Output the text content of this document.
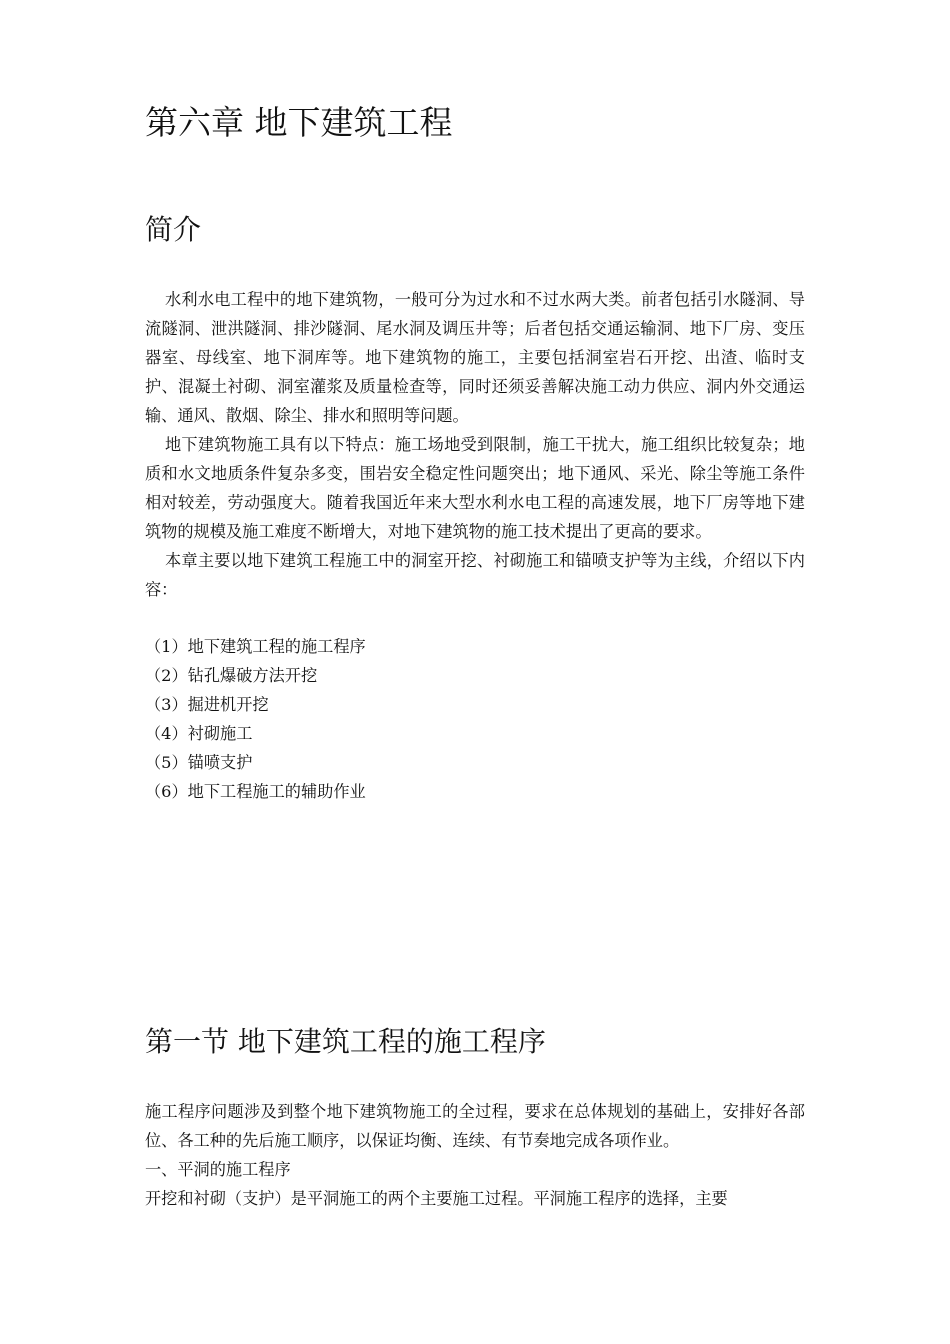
第六章 地下建筑工程
简介

水利水电工程中的地下建筑物，一般可分为过水和不过水两大类。前者包括引水隧洞、导流隧洞、泄洪隧洞、排沙隧洞、尾水洞及调压井等；后者包括交通运输洞、地下厂房、变压器室、母线室、地下洞库等。地下建筑物的施工，主要包括洞室岩石开挖、出渣、临时支护、混凝土衬砌、洞室灌浆及质量检查等，同时还须妥善解决施工动力供应、洞内外交通运输、通风、散烟、除尘、排水和照明等问题。

地下建筑物施工具有以下特点：施工场地受到限制，施工干扰大，施工组织比较复杂；地质和水文地质条件复杂多变，围岩安全稳定性问题突出；地下通风、采光、除尘等施工条件相对较差，劳动强度大。随着我国近年来大型水利水电工程的高速发展，地下厂房等地下建筑物的规模及施工难度不断增大，对地下建筑物的施工技术提出了更高的要求。

本章主要以地下建筑工程施工中的洞室开挖、衬砌施工和锚喷支护等为主线，介绍以下内容：

（1）地下建筑工程的施工程序
（2）钻孔爆破方法开挖
（3）掘进机开挖
（4）衬砌施工
（5）锚喷支护
（6）地下工程施工的辅助作业
第一节 地下建筑工程的施工程序

施工程序问题涉及到整个地下建筑物施工的全过程，要求在总体规划的基础上，安排好各部位、各工种的先后施工顺序，以保证均衡、连续、有节奏地完成各项作业。

一、平洞的施工程序

开挖和衬砌（支护）是平洞施工的两个主要施工过程。平洞施工程序的选择，主要
